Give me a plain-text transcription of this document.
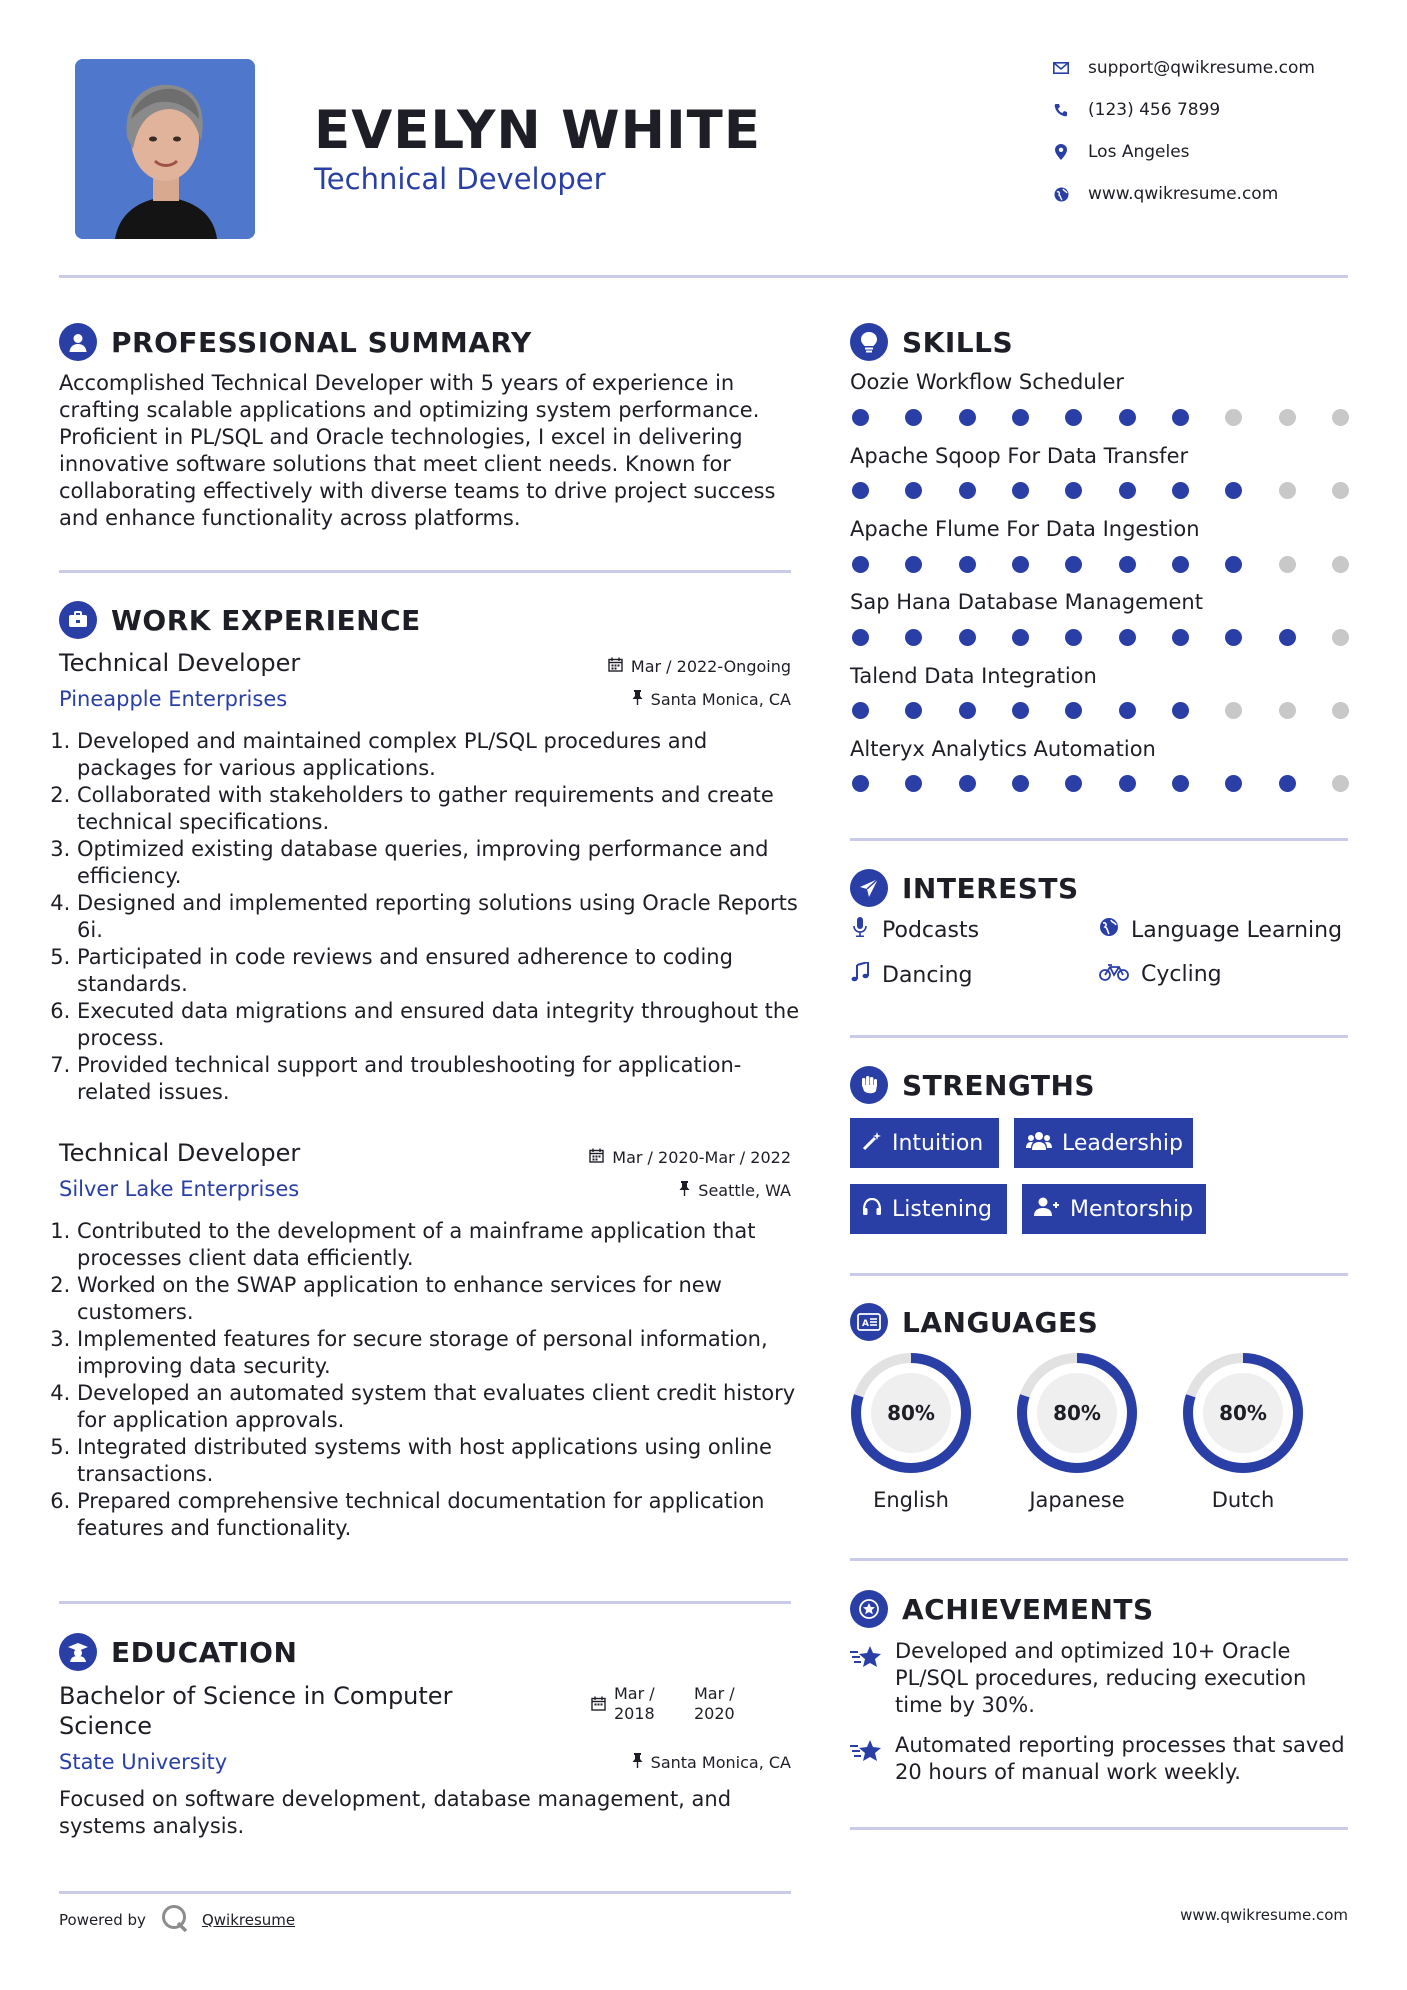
EVELYN WHITE
Technical Developer
support@qwikresume.com
(123) 456 7899
Los Angeles
www.qwikresume.com
PROFESSIONAL SUMMARY
Accomplished Technical Developer with 5 years of experience in crafting scalable applications and optimizing system performance. Proficient in PL/SQL and Oracle technologies, I excel in delivering innovative software solutions that meet client needs. Known for collaborating effectively with diverse teams to drive project success and enhance functionality across platforms.
WORK EXPERIENCE
Technical Developer	Mar / 2022-Ongoing
Pineapple Enterprises	Santa Monica, CA
1. Developed and maintained complex PL/SQL procedures and packages for various applications.
2. Collaborated with stakeholders to gather requirements and create technical specifications.
3. Optimized existing database queries, improving performance and efficiency.
4. Designed and implemented reporting solutions using Oracle Reports 6i.
5. Participated in code reviews and ensured adherence to coding standards.
6. Executed data migrations and ensured data integrity throughout the process.
7. Provided technical support and troubleshooting for application-related issues.
Technical Developer	Mar / 2020-Mar / 2022
Silver Lake Enterprises	Seattle, WA
1. Contributed to the development of a mainframe application that processes client data efficiently.
2. Worked on the SWAP application to enhance services for new customers.
3. Implemented features for secure storage of personal information, improving data security.
4. Developed an automated system that evaluates client credit history for application approvals.
5. Integrated distributed systems with host applications using online transactions.
6. Prepared comprehensive technical documentation for application features and functionality.
EDUCATION
Bachelor of Science in Computer Science
Mar / 2018
Mar / 2020
State University	Santa Monica, CA
Focused on software development, database management, and systems analysis.
SKILLS
Oozie Workflow Scheduler
Apache Sqoop For Data Transfer
Apache Flume For Data Ingestion
Sap Hana Database Management
Talend Data Integration
Alteryx Analytics Automation
INTERESTS
Podcasts	Language Learning
Dancing	Cycling
STRENGTHS
Intuition	Leadership
Listening	Mentorship
A LANGUAGES
80%
English
80%
Japanese
80%
Dutch
ACHIEVEMENTS
Developed and optimized 10+ Oracle PL/SQL procedures, reducing execution time by 30%.
Automated reporting processes that saved 20 hours of manual work weekly.
Powered by	Qwikresume	www.qwikresume.com
